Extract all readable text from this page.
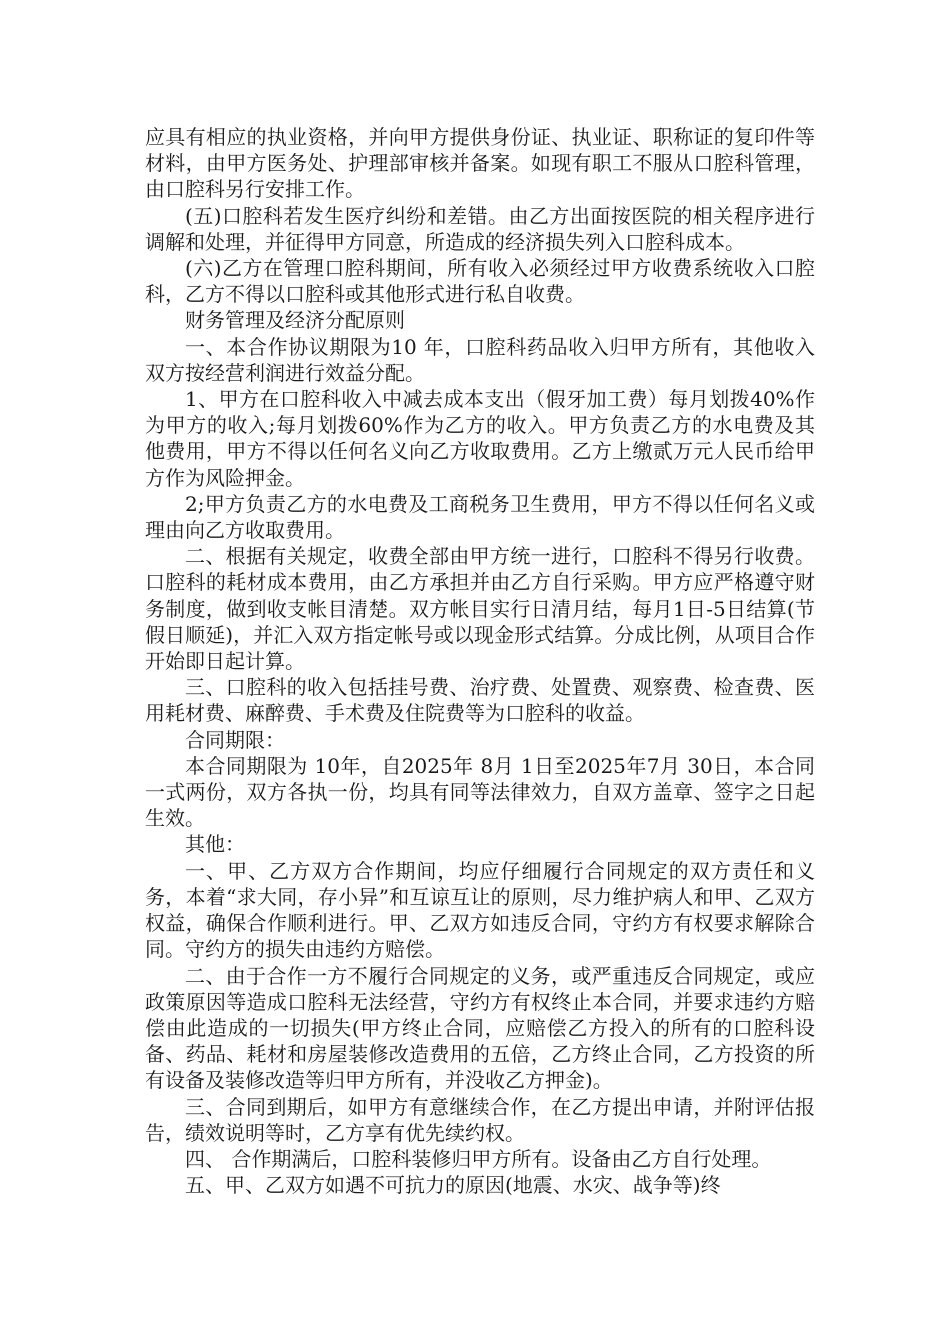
应具有相应的执业资格，并向甲方提供身份证、执业证、职称证的复印件等材料，由甲方医务处、护理部审核并备案。如现有职工不服从口腔科管理，由口腔科另行安排工作。

(五)口腔科若发生医疗纠纷和差错。由乙方出面按医院的相关程序进行调解和处理，并征得甲方同意，所造成的经济损失列入口腔科成本。

(六)乙方在管理口腔科期间，所有收入必须经过甲方收费系统收入口腔科，乙方不得以口腔科或其他形式进行私自收费。

财务管理及经济分配原则

一、本合作协议期限为10 年，口腔科药品收入归甲方所有，其他收入双方按经营利润进行效益分配。

1、甲方在口腔科收入中减去成本支出（假牙加工费）每月划拨40%作为甲方的收入;每月划拨60%作为乙方的收入。甲方负责乙方的水电费及其他费用，甲方不得以任何名义向乙方收取费用。乙方上缴贰万元人民币给甲方作为风险押金。

2;甲方负责乙方的水电费及工商税务卫生费用，甲方不得以任何名义或理由向乙方收取费用。

二、根据有关规定，收费全部由甲方统一进行，口腔科不得另行收费。口腔科的耗材成本费用，由乙方承担并由乙方自行采购。甲方应严格遵守财务制度，做到收支帐目清楚。双方帐目实行日清月结，每月1日-5日结算(节假日顺延)，并汇入双方指定帐号或以现金形式结算。分成比例，从项目合作开始即日起计算。

三、口腔科的收入包括挂号费、治疗费、处置费、观察费、检查费、医用耗材费、麻醉费、手术费及住院费等为口腔科的收益。

合同期限：

本合同期限为 10年，自2025年 8月 1日至2025年7月 30日，本合同一式两份，双方各执一份，均具有同等法律效力，自双方盖章、签字之日起生效。

其他：

一、甲、乙方双方合作期间，均应仔细履行合同规定的双方责任和义务，本着“求大同，存小异”和互谅互让的原则，尽力维护病人和甲、乙双方权益，确保合作顺利进行。甲、乙双方如违反合同，守约方有权要求解除合同。守约方的损失由违约方赔偿。

二、由于合作一方不履行合同规定的义务，或严重违反合同规定，或应政策原因等造成口腔科无法经营，守约方有权终止本合同，并要求违约方赔偿由此造成的一切损失(甲方终止合同，应赔偿乙方投入的所有的口腔科设备、药品、耗材和房屋装修改造费用的五倍，乙方终止合同，乙方投资的所有设备及装修改造等归甲方所有，并没收乙方押金)。

三、合同到期后，如甲方有意继续合作，在乙方提出申请，并附评估报告，绩效说明等时，乙方享有优先续约权。

四、 合作期满后，口腔科装修归甲方所有。设备由乙方自行处理。

五、甲、乙双方如遇不可抗力的原因(地震、水灾、战争等)终
